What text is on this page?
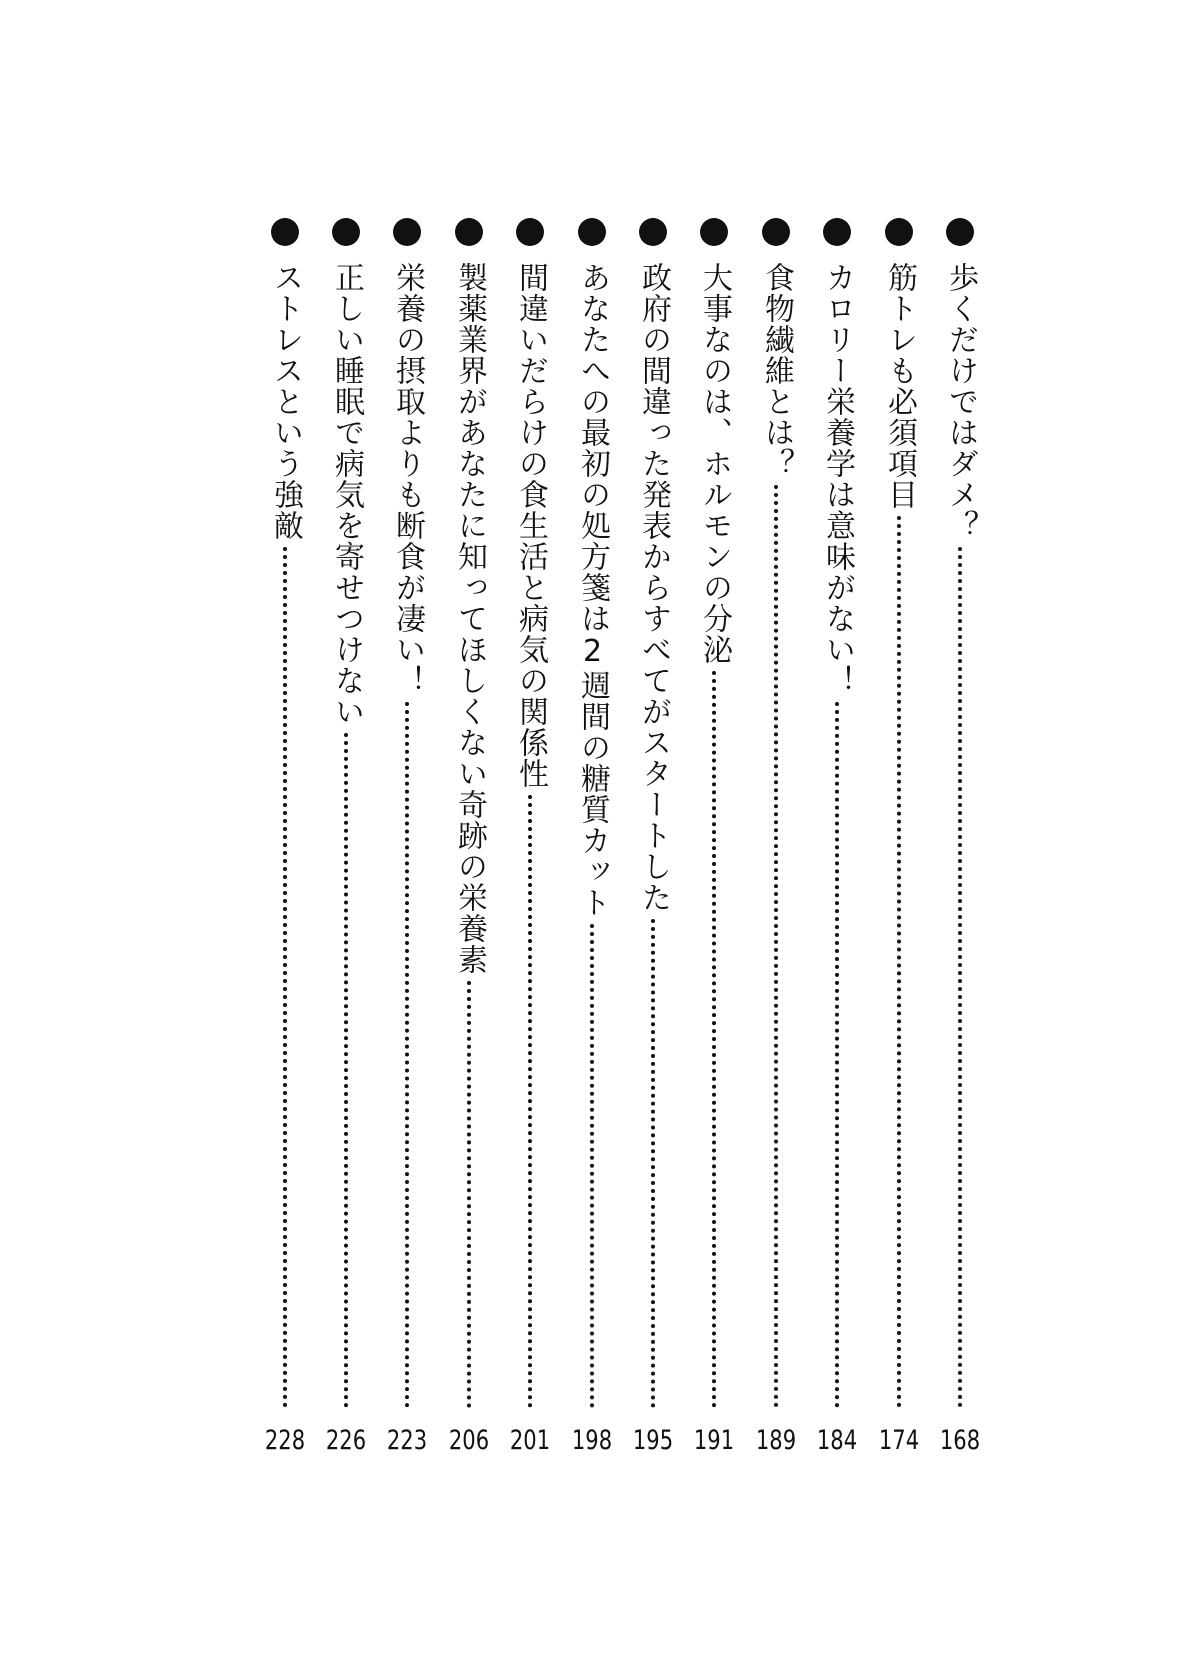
歩くだけではダメ？
168
筋トレも必須項目
174
カロリー栄養学は意味がない！
184
食物繊維とは？
189
大事なのは、ホルモンの分泌
191
政府の間違った発表からすべてがスタートした
195
あなたへの最初の処方箋は2週間の糖質カット
198
間違いだらけの食生活と病気の関係性
201
製薬業界があなたに知ってほしくない奇跡の栄養素
206
栄養の摂取よりも断食が凄い！
223
正しい睡眠で病気を寄せつけない
226
ストレスという強敵
228
